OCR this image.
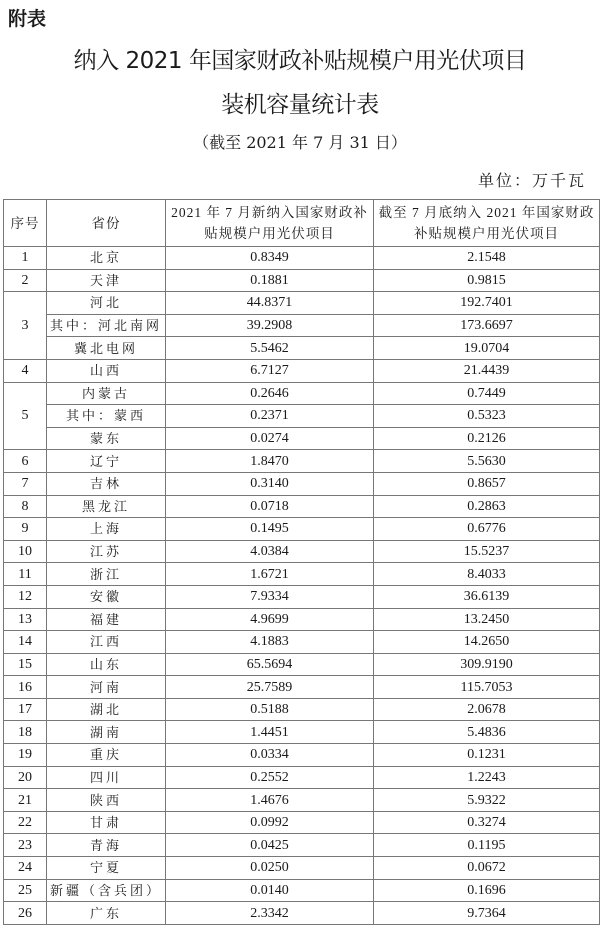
附表
纳入 2021 年国家财政补贴规模户用光伏项目
装机容量统计表
（截至 2021 年 7 月 31 日）
单位：万千瓦
序号	省份	2021 年 7 月新纳入国家财政补贴规模户用光伏项目	截至 7 月底纳入 2021 年国家财政补贴规模户用光伏项目
1	北京	0.8349	2.1548
2	天津	0.1881	0.9815
3	河北	44.8371	192.7401
	其中：河北南网	39.2908	173.6697
	冀北电网	5.5462	19.0704
4	山西	6.7127	21.4439
5	内蒙古	0.2646	0.7449
	其中：蒙西	0.2371	0.5323
	蒙东	0.0274	0.2126
6	辽宁	1.8470	5.5630
7	吉林	0.3140	0.8657
8	黑龙江	0.0718	0.2863
9	上海	0.1495	0.6776
10	江苏	4.0384	15.5237
11	浙江	1.6721	8.4033
12	安徽	7.9334	36.6139
13	福建	4.9699	13.2450
14	江西	4.1883	14.2650
15	山东	65.5694	309.9190
16	河南	25.7589	115.7053
17	湖北	0.5188	2.0678
18	湖南	1.4451	5.4836
19	重庆	0.0334	0.1231
20	四川	0.2552	1.2243
21	陕西	1.4676	5.9322
22	甘肃	0.0992	0.3274
23	青海	0.0425	0.1195
24	宁夏	0.0250	0.0672
25	新疆（含兵团）	0.0140	0.1696
26	广东	2.3342	9.7364
